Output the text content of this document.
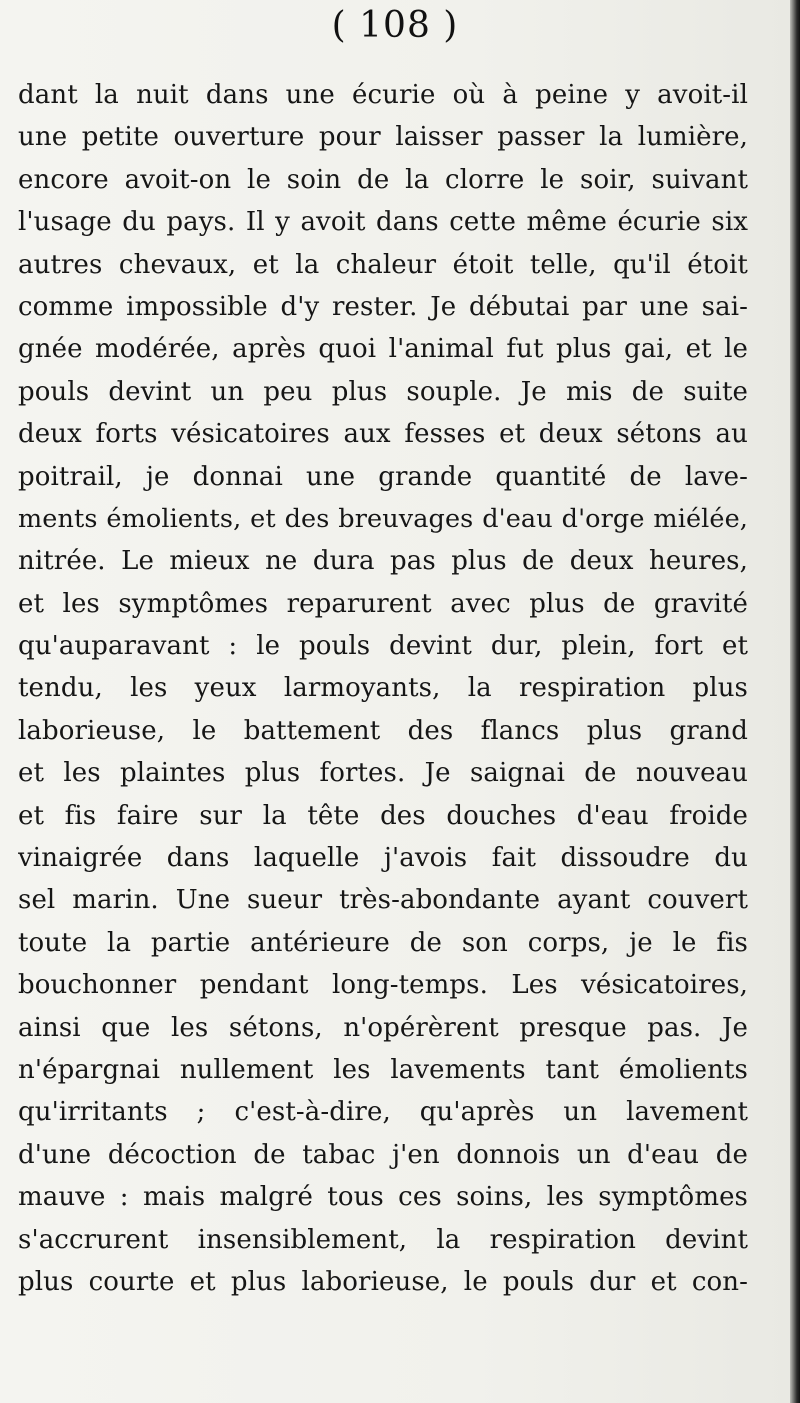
( 108 )
dant la nuit dans une écurie où à peine y avoit-il
une petite ouverture pour laisser passer la lumière,
encore avoit-on le soin de la clorre le soir, suivant
l'usage du pays. Il y avoit dans cette même écurie six
autres chevaux, et la chaleur étoit telle, qu'il étoit
comme impossible d'y rester. Je débutai par une sai-
gnée modérée, après quoi l'animal fut plus gai, et le
pouls devint un peu plus souple. Je mis de suite
deux forts vésicatoires aux fesses et deux sétons au
poitrail, je donnai une grande quantité de lave-
ments émolients, et des breuvages d'eau d'orge miélée,
nitrée. Le mieux ne dura pas plus de deux heures,
et les symptômes reparurent avec plus de gravité
qu'auparavant : le pouls devint dur, plein, fort et
tendu, les yeux larmoyants, la respiration plus
laborieuse, le battement des flancs plus grand
et les plaintes plus fortes. Je saignai de nouveau
et fis faire sur la tête des douches d'eau froide
vinaigrée dans laquelle j'avois fait dissoudre du
sel marin. Une sueur très-abondante ayant couvert
toute la partie antérieure de son corps, je le fis
bouchonner pendant long-temps. Les vésicatoires,
ainsi que les sétons, n'opérèrent presque pas. Je
n'épargnai nullement les lavements tant émolients
qu'irritants ; c'est-à-dire, qu'après un lavement
d'une décoction de tabac j'en donnois un d'eau de
mauve : mais malgré tous ces soins, les symptômes
s'accrurent insensiblement, la respiration devint
plus courte et plus laborieuse, le pouls dur et con-
